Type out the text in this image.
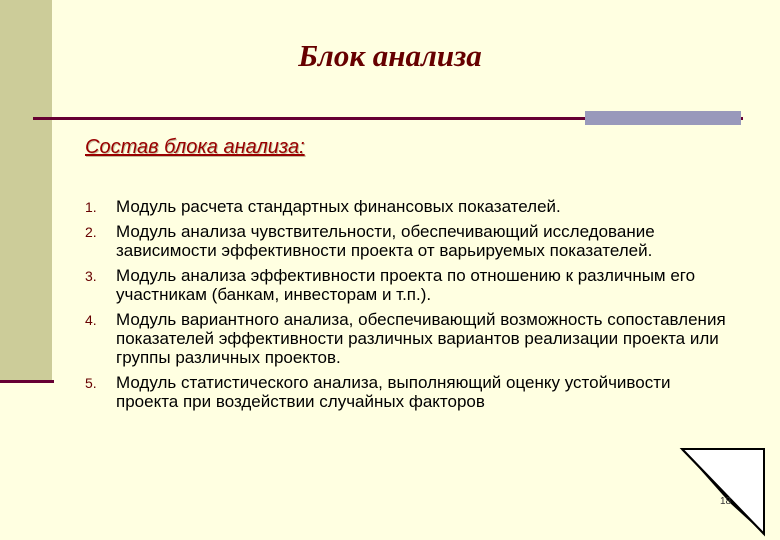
Блок анализа
Состав блока анализа:
1. Модуль расчета стандартных финансовых показателей.
2. Модуль анализа чувствительности, обеспечивающий исследование зависимости эффективности проекта от варьируемых показателей.
3. Модуль анализа эффективности проекта по отношению к различным его участникам (банкам, инвесторам и т.п.).
4. Модуль вариантного анализа, обеспечивающий возможность сопоставления показателей эффективности различных вариантов реализации проекта или группы различных проектов.
5. Модуль статистического анализа, выполняющий оценку устойчивости проекта при воздействии случайных факторов
18
